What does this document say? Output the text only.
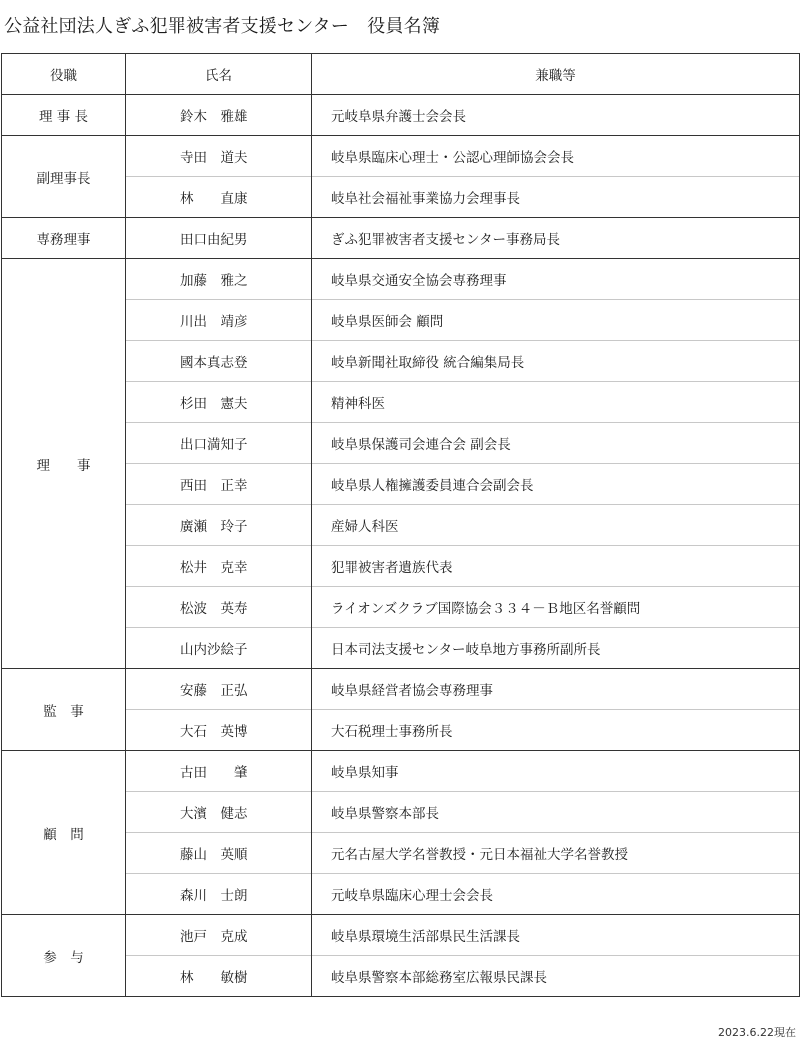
公益社団法人ぎふ犯罪被害者支援センター　役員名簿
役職	氏名	兼職等
理 事 長	鈴木　雅雄	元岐阜県弁護士会会長
副理事長	寺田　道夫	岐阜県臨床心理士・公認心理師協会会長
	林　　直康	岐阜社会福祉事業協力会理事長
専務理事	田口由紀男	ぎふ犯罪被害者支援センター事務局長
理　　事	加藤　雅之	岐阜県交通安全協会専務理事
	川出　靖彦	岐阜県医師会 顧問
	國本真志登	岐阜新聞社取締役 統合編集局長
	杉田　憲夫	精神科医
	出口満知子	岐阜県保護司会連合会 副会長
	西田　正幸	岐阜県人権擁護委員連合会副会長
	廣瀬　玲子	産婦人科医
	松井　克幸	犯罪被害者遺族代表
	松波　英寿	ライオンズクラブ国際協会３３４－Ｂ地区名誉顧問
	山内沙絵子	日本司法支援センター岐阜地方事務所副所長
監　事	安藤　正弘	岐阜県経営者協会専務理事
	大石　英博	大石税理士事務所長
顧　問	古田　　肇	岐阜県知事
	大濱　健志	岐阜県警察本部長
	藤山　英順	元名古屋大学名誉教授・元日本福祉大学名誉教授
	森川　士朗	元岐阜県臨床心理士会会長
参　与	池戸　克成	岐阜県環境生活部県民生活課長
	林　　敏樹	岐阜県警察本部総務室広報県民課長
2023.6.22現在
